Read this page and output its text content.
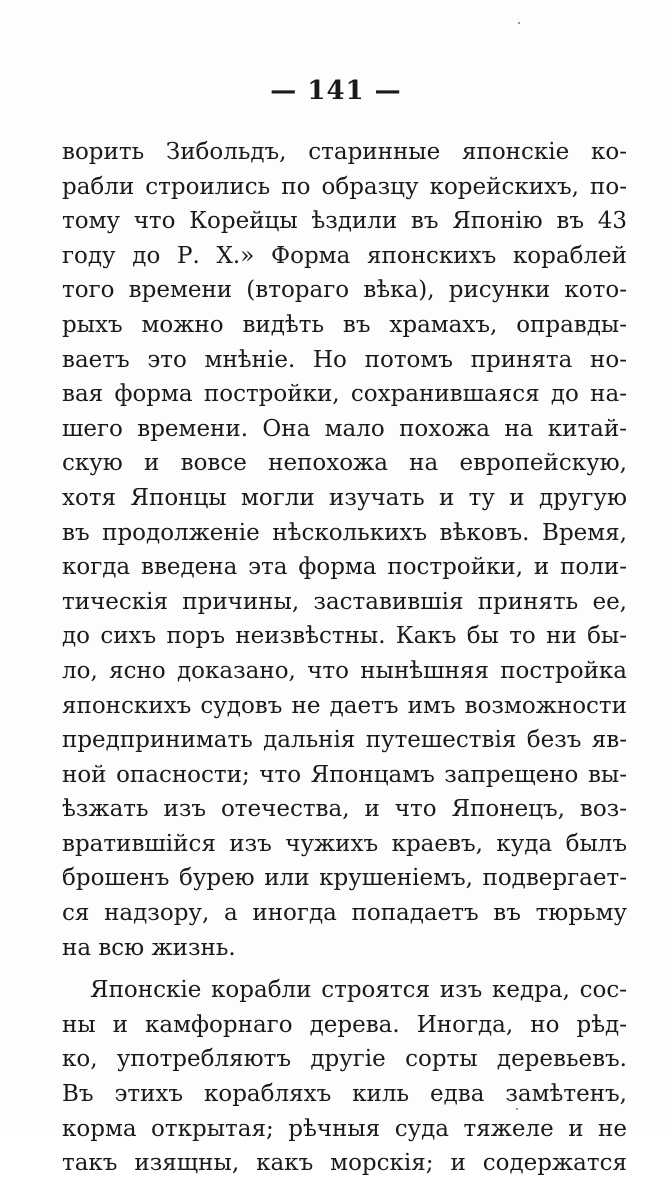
— 141 —
ворить Зибольдъ, старинные японскіе ко-
рабли строились по образцу корейскихъ, по-
тому что Корейцы ѣздили въ Японію въ 43
году до Р. Х.» Форма японскихъ кораблей
того времени (втораго вѣка), рисунки кото-
рыхъ можно видѣть въ храмахъ, оправды-
ваетъ это мнѣніе. Но потомъ принята но-
вая форма постройки, сохранившаяся до на-
шего времени. Она мало похожа на китай-
скую и вовсе непохожа на европейскую,
хотя Японцы могли изучать и ту и другую
въ продолженіе нѣсколькихъ вѣковъ. Время,
когда введена эта форма постройки, и поли-
тическія причины, заставившія принять ее,
до сихъ поръ неизвѣстны. Какъ бы то ни бы-
ло, ясно доказано, что нынѣшняя постройка
японскихъ судовъ не даетъ имъ возможности
предпринимать дальнія путешествія безъ яв-
ной опасности; что Японцамъ запрещено вы-
ѣзжать изъ отечества, и что Японецъ, воз-
вратившійся изъ чужихъ краевъ, куда былъ
брошенъ бурею или крушеніемъ, подвергает-
ся надзору, а иногда попадаетъ въ тюрьму
на всю жизнь.
Японскіе корабли строятся изъ кедра, сос-
ны и камфорнаго дерева. Иногда, но рѣд-
ко, употребляютъ другіе сорты деревьевъ.
Въ этихъ корабляхъ киль едва замѣтенъ,
корма открытая; рѣчныя суда тяжеле и не
такъ изящны, какъ морскія; и содержатся
